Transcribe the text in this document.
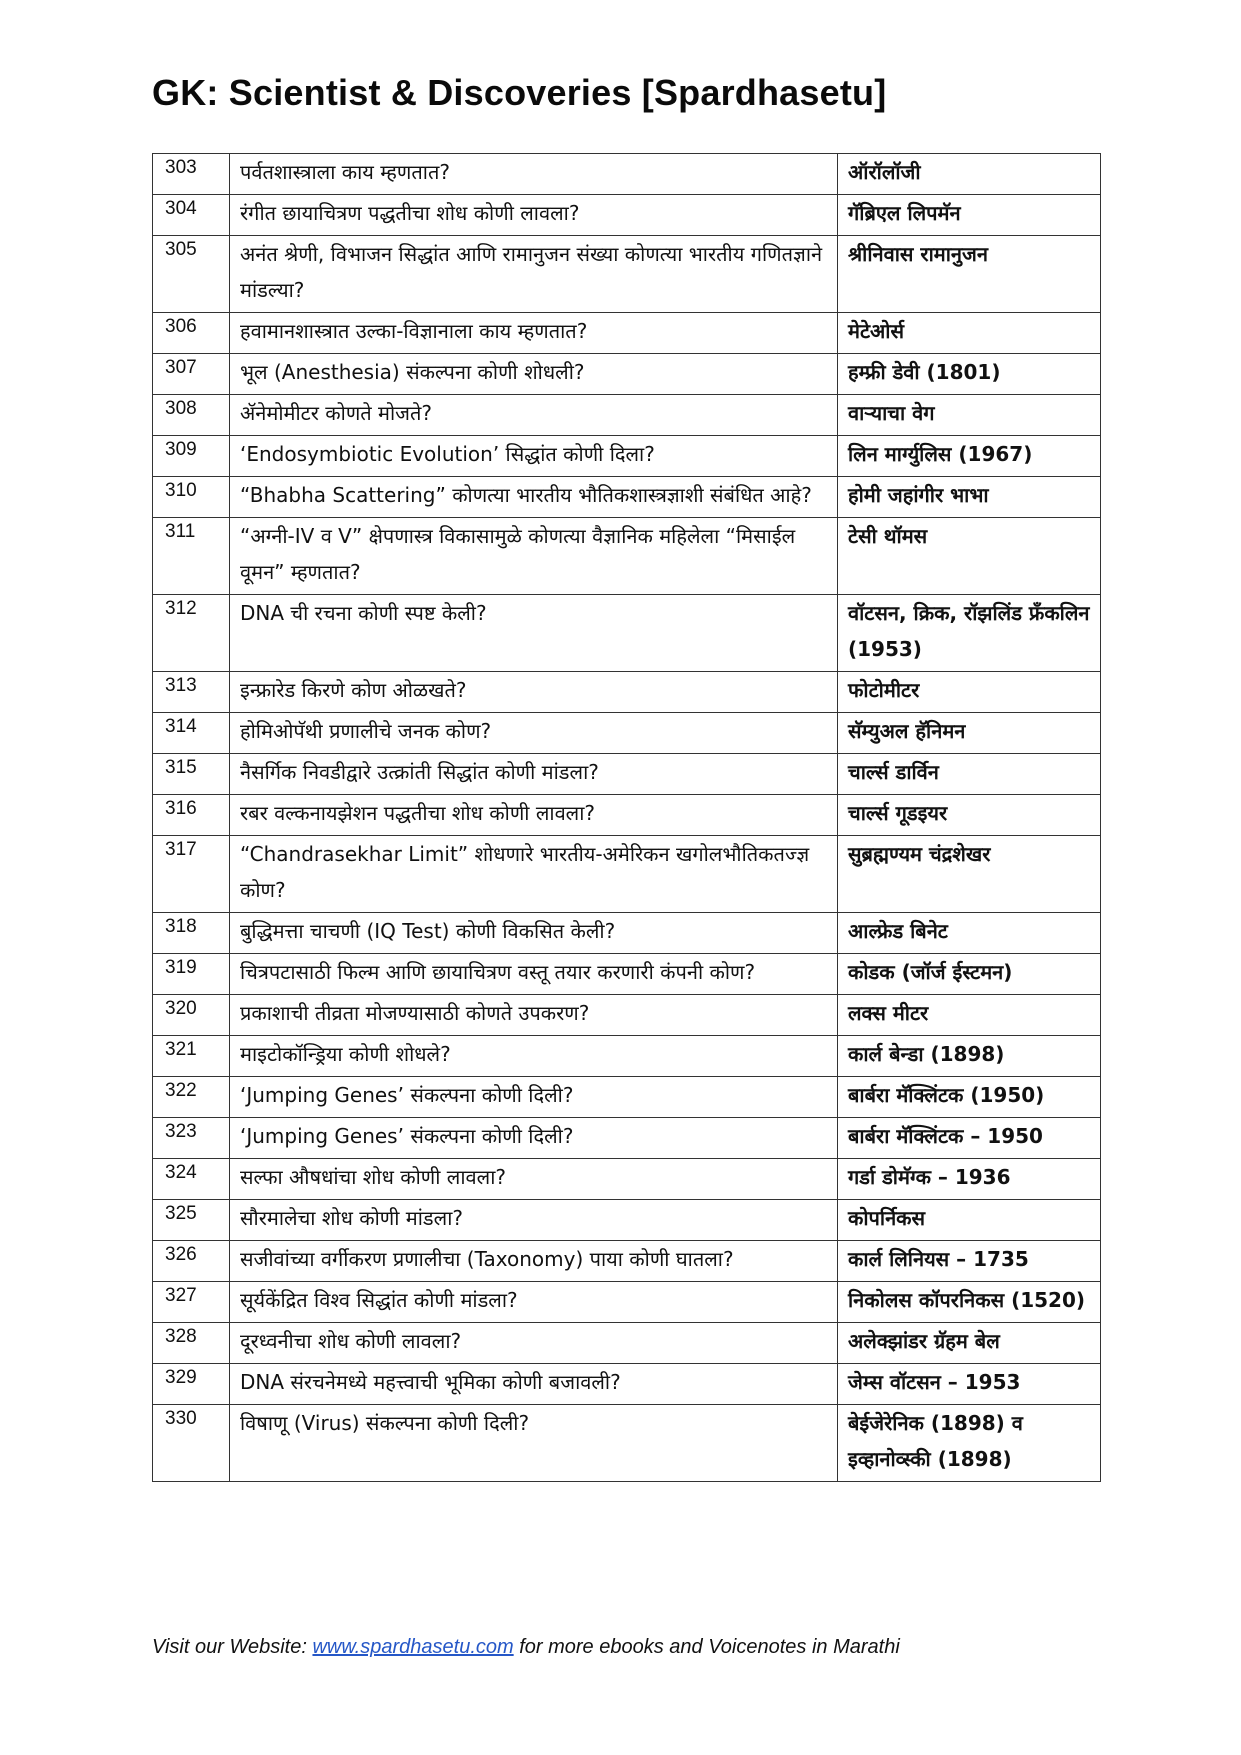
GK: Scientist & Discoveries [Spardhasetu]
303	पर्वतशास्त्राला काय म्हणतात?	ऑरॉलॉजी
304	रंगीत छायाचित्रण पद्धतीचा शोध कोणी लावला?	गॅब्रिएल लिपमॅन
305	अनंत श्रेणी, विभाजन सिद्धांत आणि रामानुजन संख्या कोणत्या भारतीय गणितज्ञाने मांडल्या?	श्रीनिवास रामानुजन
306	हवामानशास्त्रात उल्का-विज्ञानाला काय म्हणतात?	मेटेओर्स
307	भूल (Anesthesia) संकल्पना कोणी शोधली?	हम्फ्री डेवी (1801)
308	ॲनेमोमीटर कोणते मोजते?	वाऱ्याचा वेग
309	‘Endosymbiotic Evolution’ सिद्धांत कोणी दिला?	लिन मार्ग्युलिस (1967)
310	“Bhabha Scattering” कोणत्या भारतीय भौतिकशास्त्रज्ञाशी संबंधित आहे?	होमी जहांगीर भाभा
311	“अग्नी-IV व V” क्षेपणास्त्र विकासामुळे कोणत्या वैज्ञानिक महिलेला “मिसाईल वूमन” म्हणतात?	टेसी थॉमस
312	DNA ची रचना कोणी स्पष्ट केली?	वॉटसन, क्रिक, रॉझलिंड फ्रँकलिन (1953)
313	इन्फ्रारेड किरणे कोण ओळखते?	फोटोमीटर
314	होमिओपॅथी प्रणालीचे जनक कोण?	सॅम्युअल हॅनिमन
315	नैसर्गिक निवडीद्वारे उत्क्रांती सिद्धांत कोणी मांडला?	चार्ल्स डार्विन
316	रबर वल्कनायझेशन पद्धतीचा शोध कोणी लावला?	चार्ल्स गूडइयर
317	“Chandrasekhar Limit” शोधणारे भारतीय-अमेरिकन खगोलभौतिकतज्ज्ञ कोण?	सुब्रह्मण्यम चंद्रशेखर
318	बुद्धिमत्ता चाचणी (IQ Test) कोणी विकसित केली?	आल्फ्रेड बिनेट
319	चित्रपटासाठी फिल्म आणि छायाचित्रण वस्तू तयार करणारी कंपनी कोण?	कोडक (जॉर्ज ईस्टमन)
320	प्रकाशाची तीव्रता मोजण्यासाठी कोणते उपकरण?	लक्स मीटर
321	माइटोकॉन्ड्रिया कोणी शोधले?	कार्ल बेन्डा (1898)
322	‘Jumping Genes’ संकल्पना कोणी दिली?	बार्बरा मॅक्लिंटक (1950)
323	‘Jumping Genes’ संकल्पना कोणी दिली?	बार्बरा मॅक्लिंटक – 1950
324	सल्फा औषधांचा शोध कोणी लावला?	गर्डा डोमॅग्क – 1936
325	सौरमालेचा शोध कोणी मांडला?	कोपर्निकस
326	सजीवांच्या वर्गीकरण प्रणालीचा (Taxonomy) पाया कोणी घातला?	कार्ल लिनियस – 1735
327	सूर्यकेंद्रित विश्व सिद्धांत कोणी मांडला?	निकोलस कॉपरनिकस (1520)
328	दूरध्वनीचा शोध कोणी लावला?	अलेक्झांडर ग्रॅहम बेल
329	DNA संरचनेमध्ये महत्त्वाची भूमिका कोणी बजावली?	जेम्स वॉटसन – 1953
330	विषाणू (Virus) संकल्पना कोणी दिली?	बेईजेरेनिक (1898) व इव्हानोव्स्की (1898)

Visit our Website: www.spardhasetu.com for more ebooks and Voicenotes in Marathi
